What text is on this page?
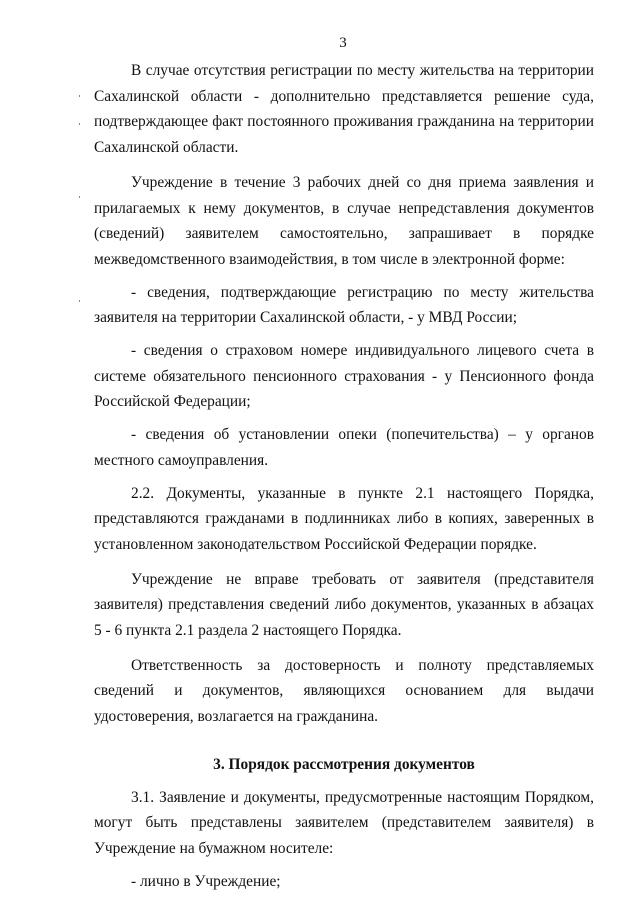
3

В случае отсутствия регистрации по месту жительства на территории Сахалинской области - дополнительно представляется решение суда, подтверждающее факт постоянного проживания гражданина на территории Сахалинской области.

Учреждение в течение 3 рабочих дней со дня приема заявления и прилагаемых к нему документов, в случае непредставления документов (сведений) заявителем самостоятельно, запрашивает в порядке межведомственного взаимодействия, в том числе в электронной форме:

- сведения, подтверждающие регистрацию по месту жительства заявителя на территории Сахалинской области, - у МВД России;

- сведения о страховом номере индивидуального лицевого счета в системе обязательного пенсионного страхования - у Пенсионного фонда Российской Федерации;

- сведения об установлении опеки (попечительства) – у органов местного самоуправления.

2.2. Документы, указанные в пункте 2.1 настоящего Порядка, представляются гражданами в подлинниках либо в копиях, заверенных в установленном законодательством Российской Федерации порядке.

Учреждение не вправе требовать от заявителя (представителя заявителя) представления сведений либо документов, указанных в абзацах 5 - 6 пункта 2.1 раздела 2 настоящего Порядка.

Ответственность за достоверность и полноту представляемых сведений и документов, являющихся основанием для выдачи удостоверения, возлагается на гражданина.

3. Порядок рассмотрения документов

3.1. Заявление и документы, предусмотренные настоящим Порядком, могут быть представлены заявителем (представителем заявителя) в Учреждение на бумажном носителе:

- лично в Учреждение;
